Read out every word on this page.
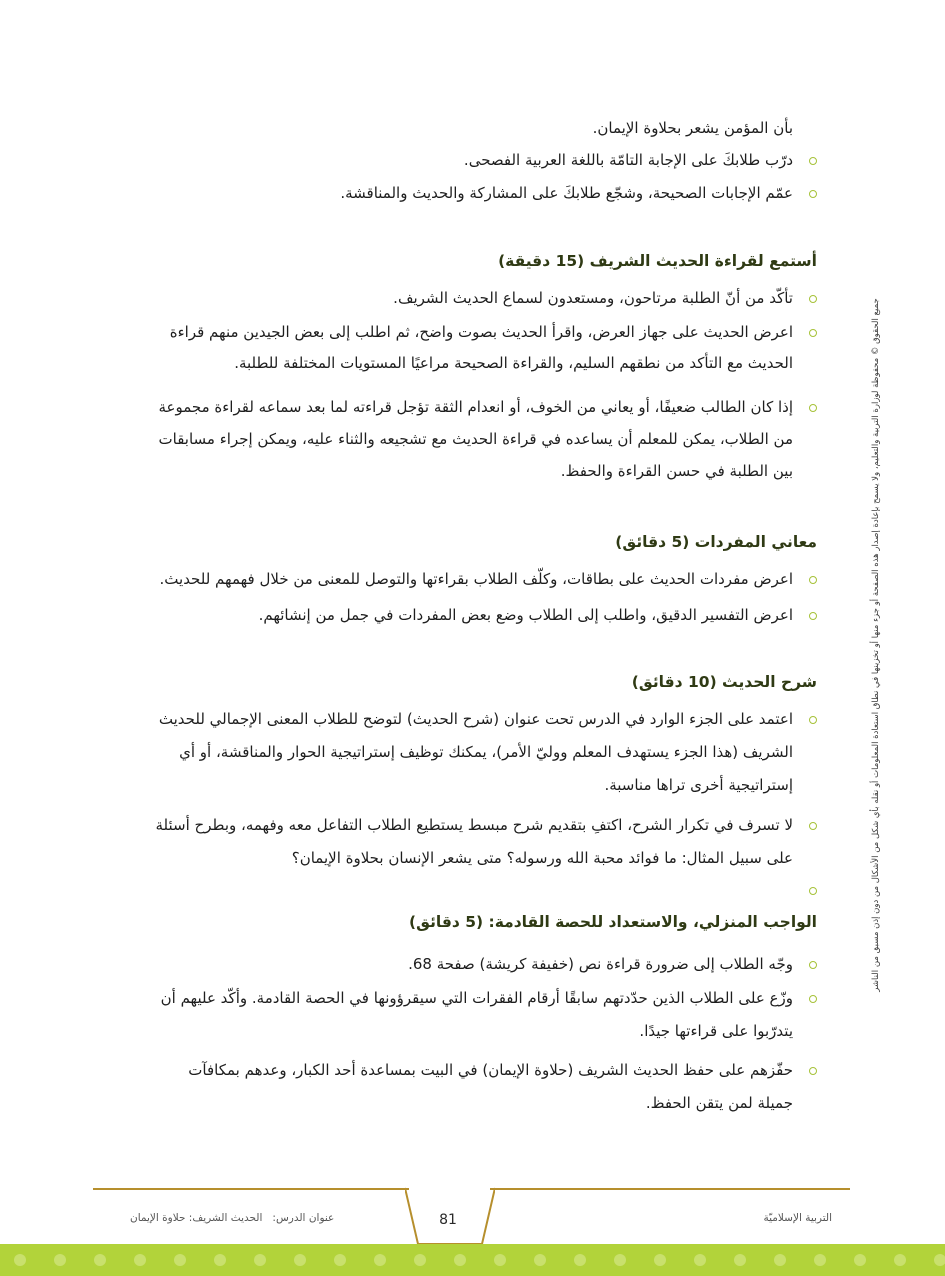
بأن المؤمن يشعر بحلاوة الإيمان.
درّب طلابكَ على الإجابة التامّة باللغة العربية الفصحى.
عمّم الإجابات الصحيحة، وشجّع طلابكَ على المشاركة والحديث والمناقشة.
أستمع لقراءة الحديث الشريف (15 دقيقة)
تأكّد من أنّ الطلبة مرتاحون، ومستعدون لسماع الحديث الشريف.
اعرض الحديث على جهاز العرض، واقرأ الحديث بصوت واضح، ثم اطلب إلى بعض الجيدين منهم قراءة
الحديث مع التأكد من نطقهم السليم، والقراءة الصحيحة مراعيًا المستويات المختلفة للطلبة.
إذا كان الطالب ضعيفًا، أو يعاني من الخوف، أو انعدام الثقة تؤجل قراءته لما بعد سماعه لقراءة مجموعة
من الطلاب، يمكن للمعلم أن يساعده في قراءة الحديث مع تشجيعه والثناء عليه، ويمكن إجراء مسابقات
بين الطلبة في حسن القراءة والحفظ.
معاني المفردات (5 دقائق)
اعرض مفردات الحديث على بطاقات، وكلّف الطلاب بقراءتها والتوصل للمعنى من خلال فهمهم للحديث.
اعرض التفسير الدقيق، واطلب إلى الطلاب وضع بعض المفردات في جمل من إنشائهم.
شرح الحديث (10 دقائق)
اعتمد على الجزء الوارد في الدرس تحت عنوان (شرح الحديث) لتوضح للطلاب المعنى الإجمالي للحديث
الشريف (هذا الجزء يستهدف المعلم ووليّ الأمر)، يمكنك توظيف إستراتيجية الحوار والمناقشة، أو أي
إستراتيجية أخرى تراها مناسبة.
لا تسرف في تكرار الشرح، اكتفِ بتقديم شرح مبسط يستطيع الطلاب التفاعل معه وفهمه، وبطرح أسئلة
على سبيل المثال: ما فوائد محبة الله ورسوله؟ متى يشعر الإنسان بحلاوة الإيمان؟
الواجب المنزلي، والاستعداد للحصة القادمة: (5 دقائق)
وجّه الطلاب إلى ضرورة قراءة نص (خفيفة كريشة) صفحة 68.
وزّع على الطلاب الذين حدّدتهم سابقًا أرقام الفقرات التي سيقرؤونها في الحصة القادمة. وأكّد عليهم أن
يتدرّبوا على قراءتها جيدًا.
حفّزهم على حفظ الحديث الشريف (حلاوة الإيمان) في البيت بمساعدة أحد الكبار، وعدهم بمكافآت
جميلة لمن يتقن الحفظ.
جميع الحقوق © محفوظة لوزارة التربية والتعليم، ولا يسمح بإعادة إصدار هذه الصفحة أو جزء منها أو تخزينها في نطاق استعادة المعلومات أو نقله بأي شكل من الأشكال من دون إذن مسبق من الناشر
81
عنوان الدرس:   الحديث الشريف: حلاوة الإيمان	التربية الإسلاميّة
